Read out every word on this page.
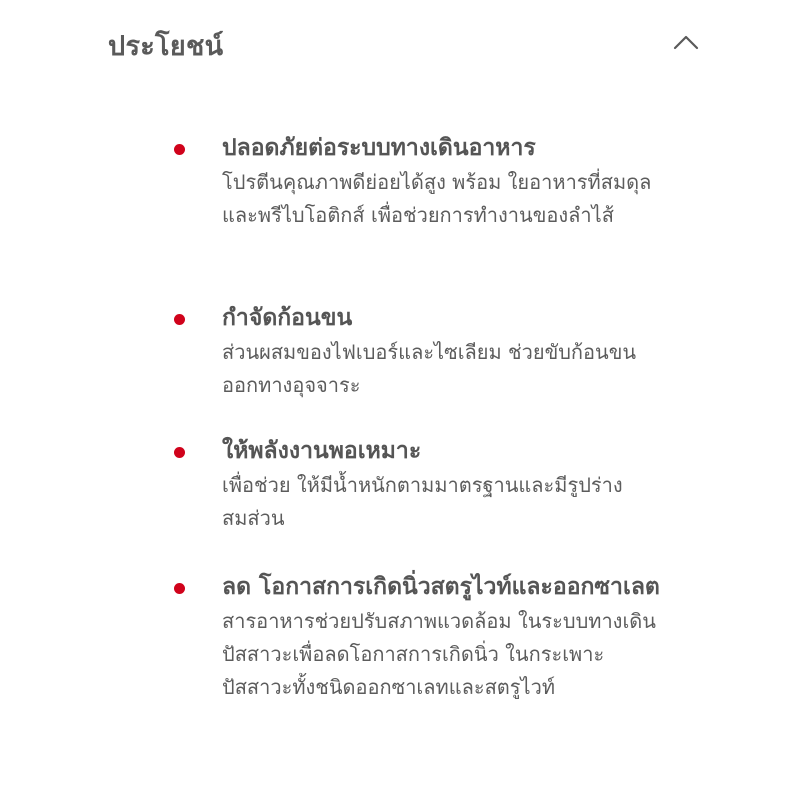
ประโยชน์
ปลอดภัยต่อระบบทางเดินอาหาร
โปรตีนคุณภาพดีย่อยได้สูง พร้อม ใยอาหารที่สมดุลและพรีไบโอติกส์ เพื่อช่วยการทำงานของลำไส้
กำจัดก้อนขน
ส่วนผสมของไฟเบอร์และไซเลียม ช่วยขับก้อนขนออกทางอุจจาระ
ให้พลังงานพอเหมาะ
เพื่อช่วย ให้มีน้ำหนักตามมาตรฐานและมีรูปร่างสมส่วน
ลด โอกาสการเกิดนิ่วสตรูไวท์และออกซาเลต
สารอาหารช่วยปรับสภาพแวดล้อม ในระบบทางเดินปัสสาวะเพื่อลดโอกาสการเกิดนิ่ว ในกระเพาะปัสสาวะทั้งชนิดออกซาเลทและสตรูไวท์
